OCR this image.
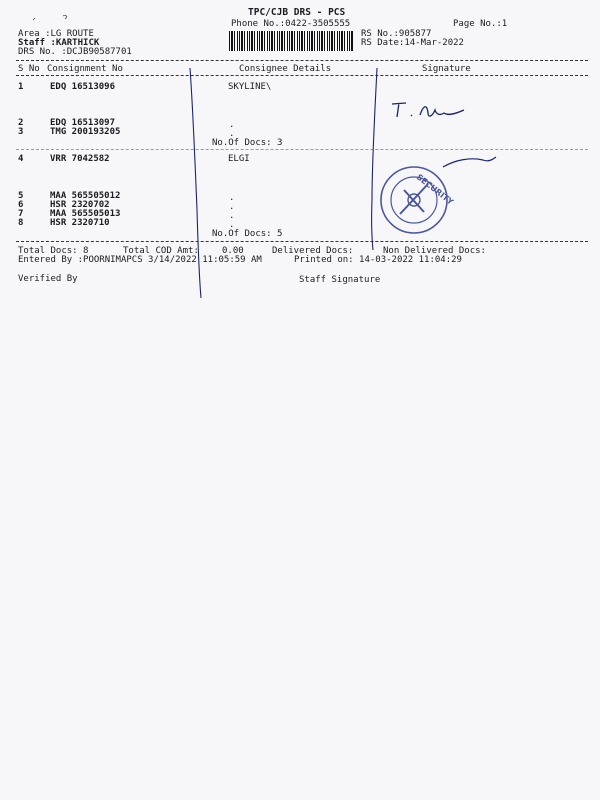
TPC/CJB DRS - PCS
Phone No.:0422-3505555	Page No.:1
Area :LG ROUTE
Staff :KARTHICK
DRS No. :DCJB90587701
RS No.:905877
RS Date:14-Mar-2022
S No Consignment No	Consignee Details	Signature
1	EDQ 16513096	SKYLINE\
2	EDQ 16513097
3	TMG 200193205
.
.
No.Of Docs: 3
4	VRR 7042582	ELGI
5	MAA 565505012
6	HSR 2320702
7	MAA 565505013
8	HSR 2320710
.
.
.
.
No.Of Docs: 5
Total Docs: 8	Total COD Amt:	0.00	Delivered Docs:	Non Delivered Docs:
Entered By :POORNIMAPCS 3/14/2022 11:05:59 AM	Printed on: 14-03-2022 11:04:29
Verified By	Staff Signature
SECURITY
